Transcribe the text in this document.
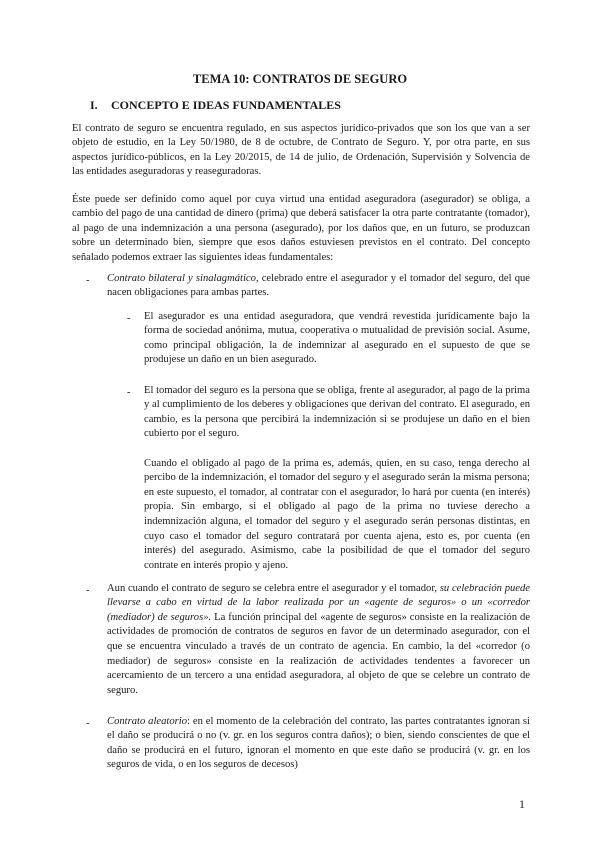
TEMA 10: CONTRATOS DE SEGURO
I. CONCEPTO E IDEAS FUNDAMENTALES

El contrato de seguro se encuentra regulado, en sus aspectos jurídico-privados que son los que van a ser objeto de estudio, en la Ley 50/1980, de 8 de octubre, de Contrato de Seguro. Y, por otra parte, en sus aspectos jurídico-públicos, en la Ley 20/2015, de 14 de julio, de Ordenación, Supervisión y Solvencia de las entidades aseguradoras y reaseguradoras.

Éste puede ser definido como aquel por cuya virtud una entidad aseguradora (asegurador) se obliga, a cambio del pago de una cantidad de dinero (prima) que deberá satisfacer la otra parte contratante (tomador), al pago de una indemnización a una persona (asegurado), por los daños que, en un futuro, se produzcan sobre un determinado bien, siempre que esos daños estuviesen previstos en el contrato. Del concepto señalado podemos extraer las siguientes ideas fundamentales:

- Contrato bilateral y sinalagmático, celebrado entre el asegurador y el tomador del seguro, del que nacen obligaciones para ambas partes.

- El asegurador es una entidad aseguradora, que vendrá revestida jurídicamente bajo la forma de sociedad anónima, mutua, cooperativa o mutualidad de previsión social. Asume, como principal obligación, la de indemnizar al asegurado en el supuesto de que se produjese un daño en un bien asegurado.

- El tomador del seguro es la persona que se obliga, frente al asegurador, al pago de la prima y al cumplimiento de los deberes y obligaciones que derivan del contrato. El asegurado, en cambio, es la persona que percibirá la indemnización si se produjese un daño en el bien cubierto por el seguro.

Cuando el obligado al pago de la prima es, además, quien, en su caso, tenga derecho al percibo de la indemnización, el tomador del seguro y el asegurado serán la misma persona; en este supuesto, el tomador, al contratar con el asegurador, lo hará por cuenta (en interés) propia. Sin embargo, si el obligado al pago de la prima no tuviese derecho a indemnización alguna, el tomador del seguro y el asegurado serán personas distintas, en cuyo caso el tomador del seguro contratará por cuenta ajena, esto es, por cuenta (en interés) del asegurado. Asimismo, cabe la posibilidad de que el tomador del seguro contrate en interés propio y ajeno.

- Aun cuando el contrato de seguro se celebra entre el asegurador y el tomador, su celebración puede llevarse a cabo en virtud de la labor realizada por un «agente de seguros» o un «corredor (mediador) de seguros». La función principal del «agente de seguros» consiste en la realización de actividades de promoción de contratos de seguros en favor de un determinado asegurador, con el que se encuentra vinculado a través de un contrato de agencia. En cambio, la del «corredor (o mediador) de seguros» consiste en la realización de actividades tendentes a favorecer un acercamiento de un tercero a una entidad aseguradora, al objeto de que se celebre un contrato de seguro.

- Contrato aleatorio: en el momento de la celebración del contrato, las partes contratantes ignoran si el daño se producirá o no (v. gr. en los seguros contra daños); o bien, siendo conscientes de que el daño se producirá en el futuro, ignoran el momento en que este daño se producirá (v. gr. en los seguros de vida, o en los seguros de decesos)

1
